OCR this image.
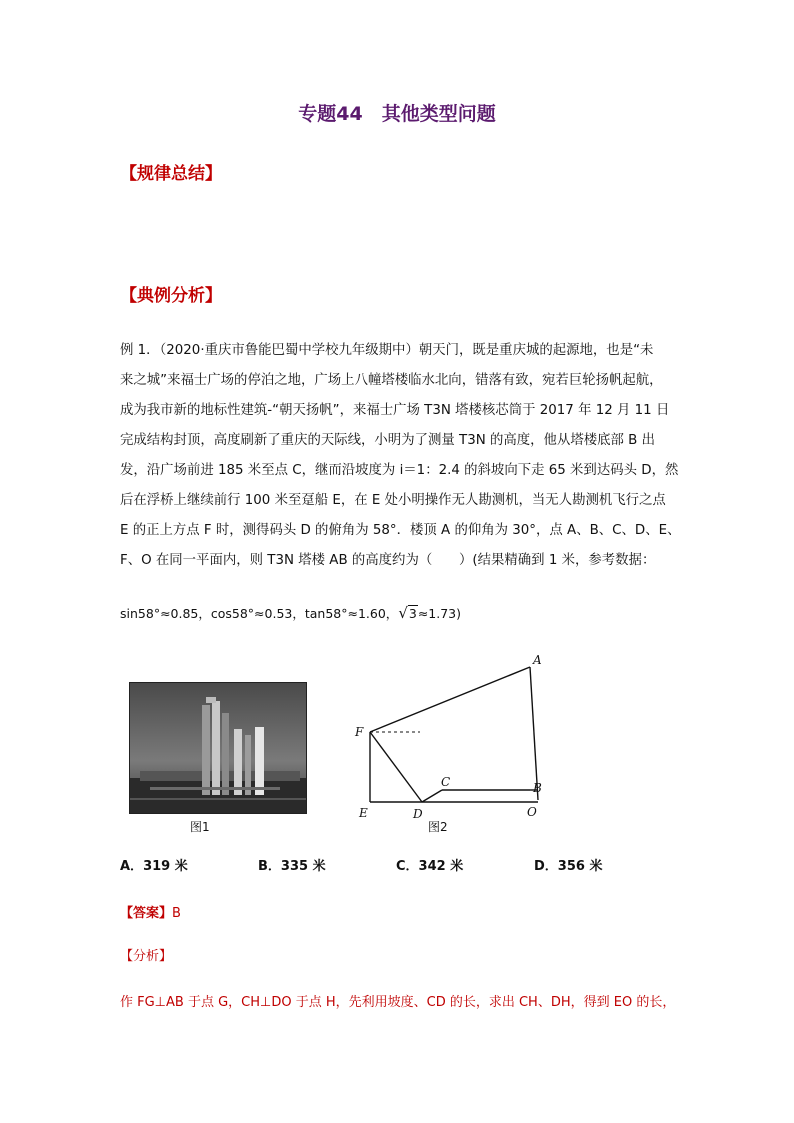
专题44　其他类型问题
【规律总结】
【典例分析】
例 1．（2020·重庆市鲁能巴蜀中学校九年级期中）朝天门，既是重庆城的起源地，也是“未
来之城”来福士广场的停泊之地，广场上八幢塔楼临水北向，错落有致，宛若巨轮扬帆起航，
成为我市新的地标性建筑-“朝天扬帆”，来福士广场 T3N 塔楼核芯筒于 2017 年 12 月 11 日
完成结构封顶，高度刷新了重庆的天际线，小明为了测量 T3N 的高度，他从塔楼底部 B 出
发，沿广场前进 185 米至点 C，继而沿坡度为 i＝1：2.4 的斜坡向下走 65 米到达码头 D，然
后在浮桥上继续前行 100 米至趸船 E，在 E 处小明操作无人勘测机，当无人勘测机飞行之点
E 的正上方点 F 时，测得码头 D 的俯角为 58°．楼顶 A 的仰角为 30°，点 A、B、C、D、E、
F、O 在同一平面内，则 T3N 塔楼 AB 的高度约为（　　）(结果精确到 1 米，参考数据：
sin58°≈0.85，cos58°≈0.53，tan58°≈1.60，√3≈1.73)
图1
A
F
C	B
E	D	O
图2
A．319 米	B．335 米	C．342 米	D．356 米
【答案】B
【分析】
作 FG⊥AB 于点 G，CH⊥DO 于点 H，先利用坡度、CD 的长，求出 CH、DH，得到 EO 的长，
